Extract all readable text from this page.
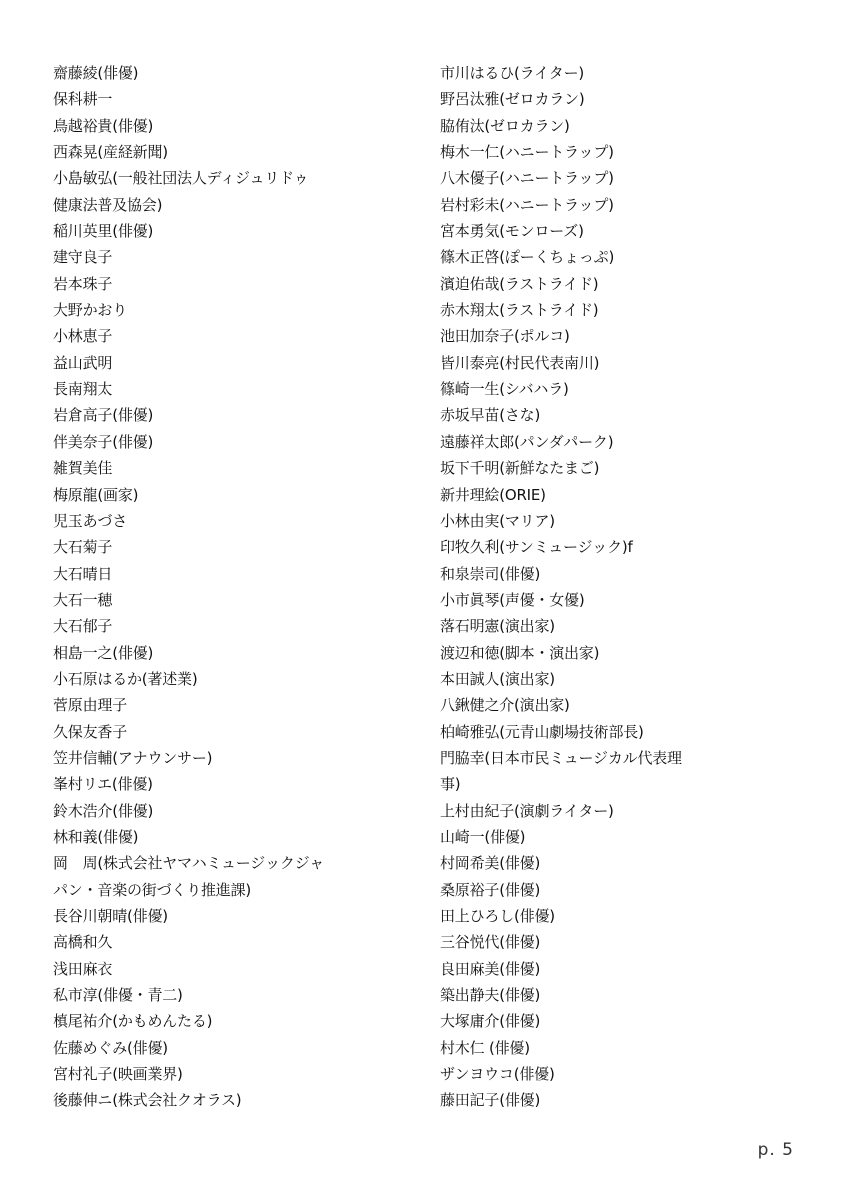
齋藤綾(俳優)
保科耕一
鳥越裕貴(俳優)
西森晃(産経新聞)
小島敏弘(一般社団法人ディジュリドゥ
健康法普及協会)
稲川英里(俳優)
建守良子
岩本珠子
大野かおり
小林恵子
益山武明
長南翔太
岩倉高子(俳優)
伴美奈子(俳優)
雑賀美佳
梅原龍(画家)
児玉あづさ
大石菊子
大石晴日
大石一穂
大石郁子
相島一之(俳優)
小石原はるか(著述業)
菅原由理子
久保友香子
笠井信輔(アナウンサー)
峯村リエ(俳優)
鈴木浩介(俳優)
林和義(俳優)
岡　周(株式会社ヤマハミュージックジャ
パン・音楽の街づくり推進課)
長谷川朝晴(俳優)
高橋和久
浅田麻衣
私市淳(俳優・青二)
槙尾祐介(かもめんたる)
佐藤めぐみ(俳優)
宮村礼子(映画業界)
後藤伸ニ(株式会社クオラス)
市川はるひ(ライター)
野呂汰雅(ゼロカラン)
脇侑汰(ゼロカラン)
梅木一仁(ハニートラップ)
八木優子(ハニートラップ)
岩村彩未(ハニートラップ)
宮本勇気(モンローズ)
篠木正啓(ぽーくちょっぷ)
濱迫佑哉(ラストライド)
赤木翔太(ラストライド)
池田加奈子(ポルコ)
皆川泰亮(村民代表南川)
篠崎一生(シバハラ)
赤坂早苗(さな)
遠藤祥太郎(パンダパーク)
坂下千明(新鮮なたまご)
新井理絵(ORIE)
小林由実(マリア)
印牧久利(サンミュージック)f
和泉崇司(俳優)
小市眞琴(声優・女優)
落石明憲(演出家)
渡辺和徳(脚本・演出家)
本田誠人(演出家)
八鍬健之介(演出家)
柏崎雅弘(元青山劇場技術部長)
門脇幸(日本市民ミュージカル代表理
事)
上村由紀子(演劇ライター)
山崎一(俳優)
村岡希美(俳優)
桑原裕子(俳優)
田上ひろし(俳優)
三谷悦代(俳優)
良田麻美(俳優)
築出静夫(俳優)
大塚庸介(俳優)
村木仁 (俳優)
ザンヨウコ(俳優)
藤田記子(俳優)
p. 5
